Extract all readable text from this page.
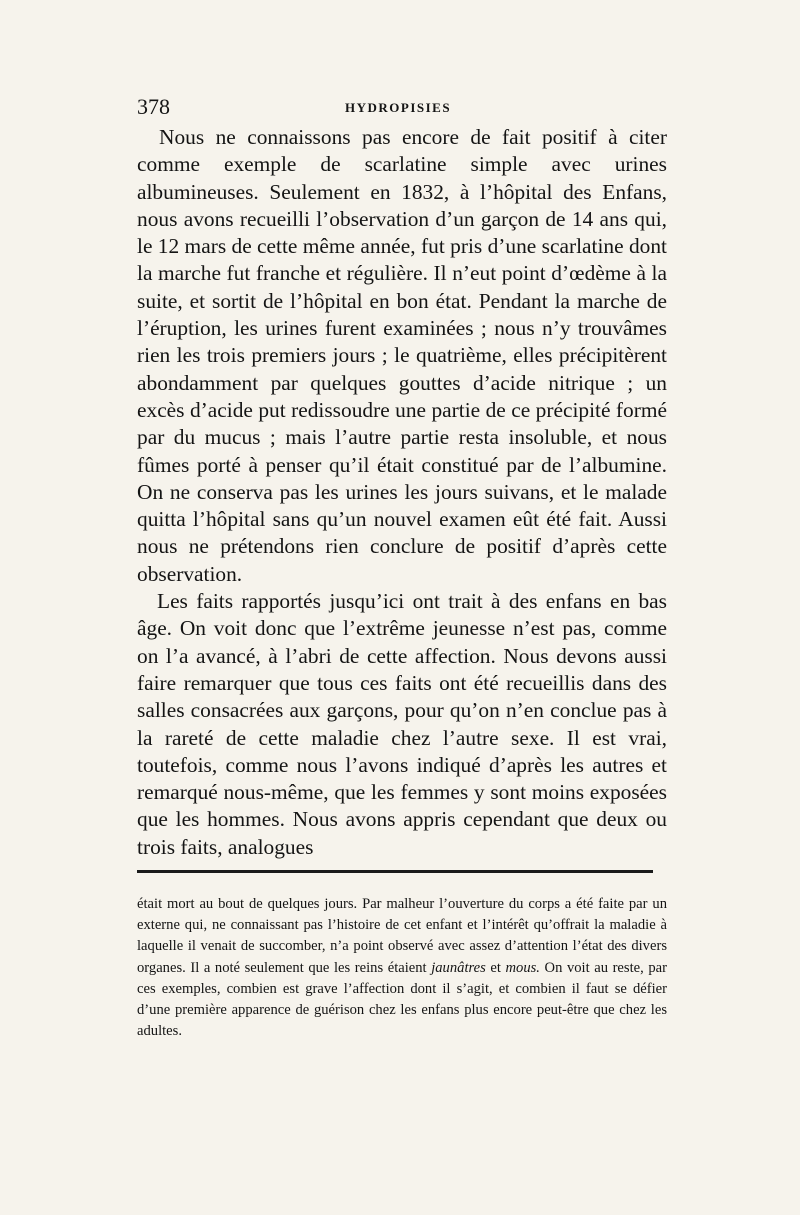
378	HYDROPISIES

Nous ne connaissons pas encore de fait positif à citer comme exemple de scarlatine simple avec urines albumineuses. Seulement en 1832, à l’hôpital des Enfans, nous avons recueilli l’observation d’un garçon de 14 ans qui, le 12 mars de cette même année, fut pris d’une scarlatine dont la marche fut franche et régulière. Il n’eut point d’œdème à la suite, et sortit de l’hôpital en bon état. Pendant la marche de l’éruption, les urines furent examinées ; nous n’y trouvâmes rien les trois premiers jours ; le quatrième, elles précipitèrent abondamment par quelques gouttes d’acide nitrique ; un excès d’acide put redissoudre une partie de ce précipité formé par du mucus ; mais l’autre partie resta insoluble, et nous fûmes porté à penser qu’il était constitué par de l’albumine. On ne conserva pas les urines les jours suivans, et le malade quitta l’hôpital sans qu’un nouvel examen eût été fait. Aussi nous ne prétendons rien conclure de positif d’après cette observation.

Les faits rapportés jusqu’ici ont trait à des enfans en bas âge. On voit donc que l’extrême jeunesse n’est pas, comme on l’a avancé, à l’abri de cette affection. Nous devons aussi faire remarquer que tous ces faits ont été recueillis dans des salles consacrées aux garçons, pour qu’on n’en conclue pas à la rareté de cette maladie chez l’autre sexe. Il est vrai, toutefois, comme nous l’avons indiqué d’après les autres et remarqué nous-même, que les femmes y sont moins exposées que les hommes. Nous avons appris cependant que deux ou trois faits, analogues

était mort au bout de quelques jours. Par malheur l’ouverture du corps a été faite par un externe qui, ne connaissant pas l’histoire de cet enfant et l’intérêt qu’offrait la maladie à laquelle il venait de succomber, n’a point observé avec assez d’attention l’état des divers organes. Il a noté seulement que les reins étaient jaunâtres et mous. On voit au reste, par ces exemples, combien est grave l’affection dont il s’agit, et combien il faut se défier d’une première apparence de guérison chez les enfans plus encore peut-être que chez les adultes.
